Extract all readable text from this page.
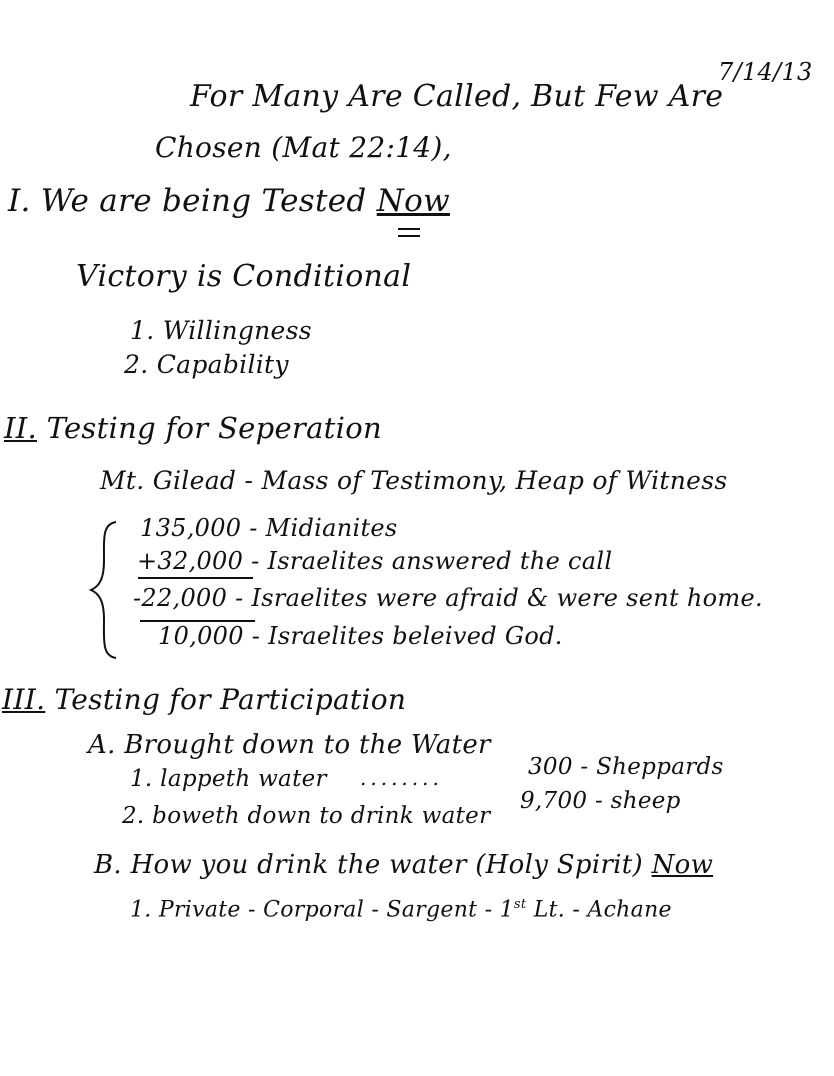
7/14/13
For Many Are Called, But Few Are
Chosen (Mat 22:14),
I. We are being Tested Now
Victory is Conditional
1. Willingness
2. Capability
II. Testing for Seperation
Mt. Gilead - Mass of Testimony, Heap of Witness
135,000 - Midianites
+32,000 - Israelites answered the call
-22,000 - Israelites were afraid & were sent home.
10,000 - Israelites beleived God.
III. Testing for Participation
A. Brought down to the Water
1. lappeth water ........	300 - Sheppards
2. boweth down to drink water
9,700 - sheep
B. How you drink the water (Holy Spirit) Now
1. Private - Corporal - Sargent - 1st Lt. - Achane
